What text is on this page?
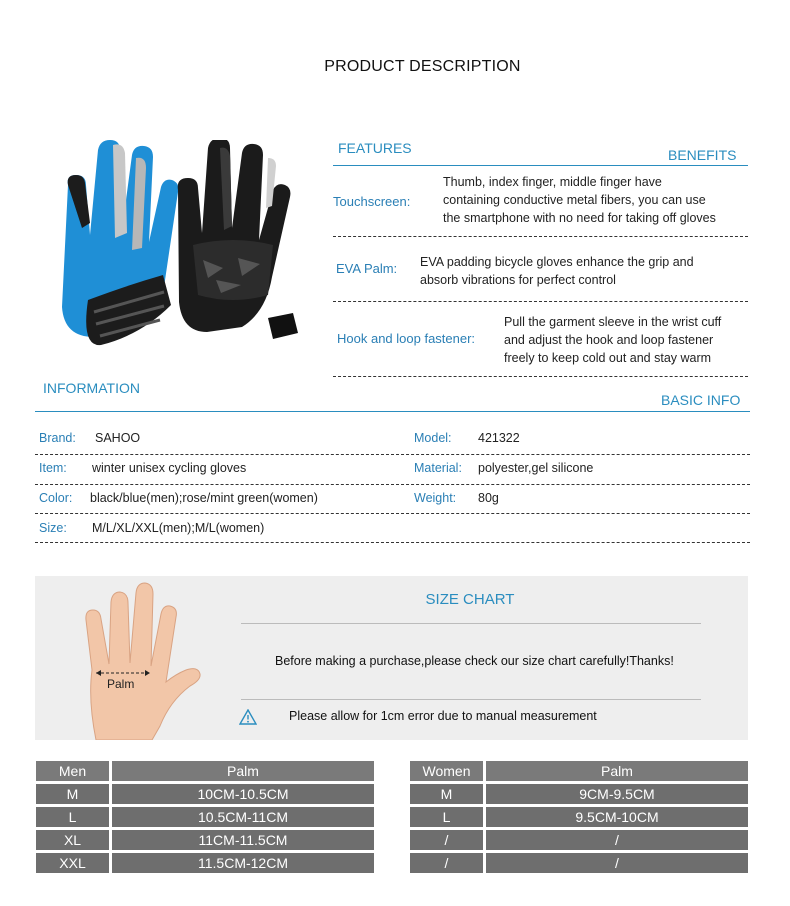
PRODUCT DESCRIPTION
FEATURES	BENEFITS
Touchscreen:
Thumb, index finger, middle finger have
containing conductive metal fibers, you can use
the smartphone with no need for taking off gloves
EVA Palm: EVA padding bicycle gloves enhance the grip and
absorb vibrations for perfect control
Hook and loop fastener:
Pull the garment sleeve in the wrist cuff
and adjust the hook and loop fastener
freely to keep cold out and stay warm
INFORMATION
BASIC INFO
Brand: SAHOO	Model: 421322
Item: winter unisex cycling gloves	Material: polyester,gel silicone
Color: black/blue(men);rose/mint green(women)	Weight: 80g
Size: M/L/XL/XXL(men);M/L(women)
Palm
SIZE CHART
Before making a purchase,please check our size chart carefully!Thanks!
Please allow for 1cm error due to manual measurement
Men	Palm
M	10CM-10.5CM
L	10.5CM-11CM
XL	11CM-11.5CM
XXL	11.5CM-12CM
Women	Palm
M	9CM-9.5CM
L	9.5CM-10CM
/	/
/	/
